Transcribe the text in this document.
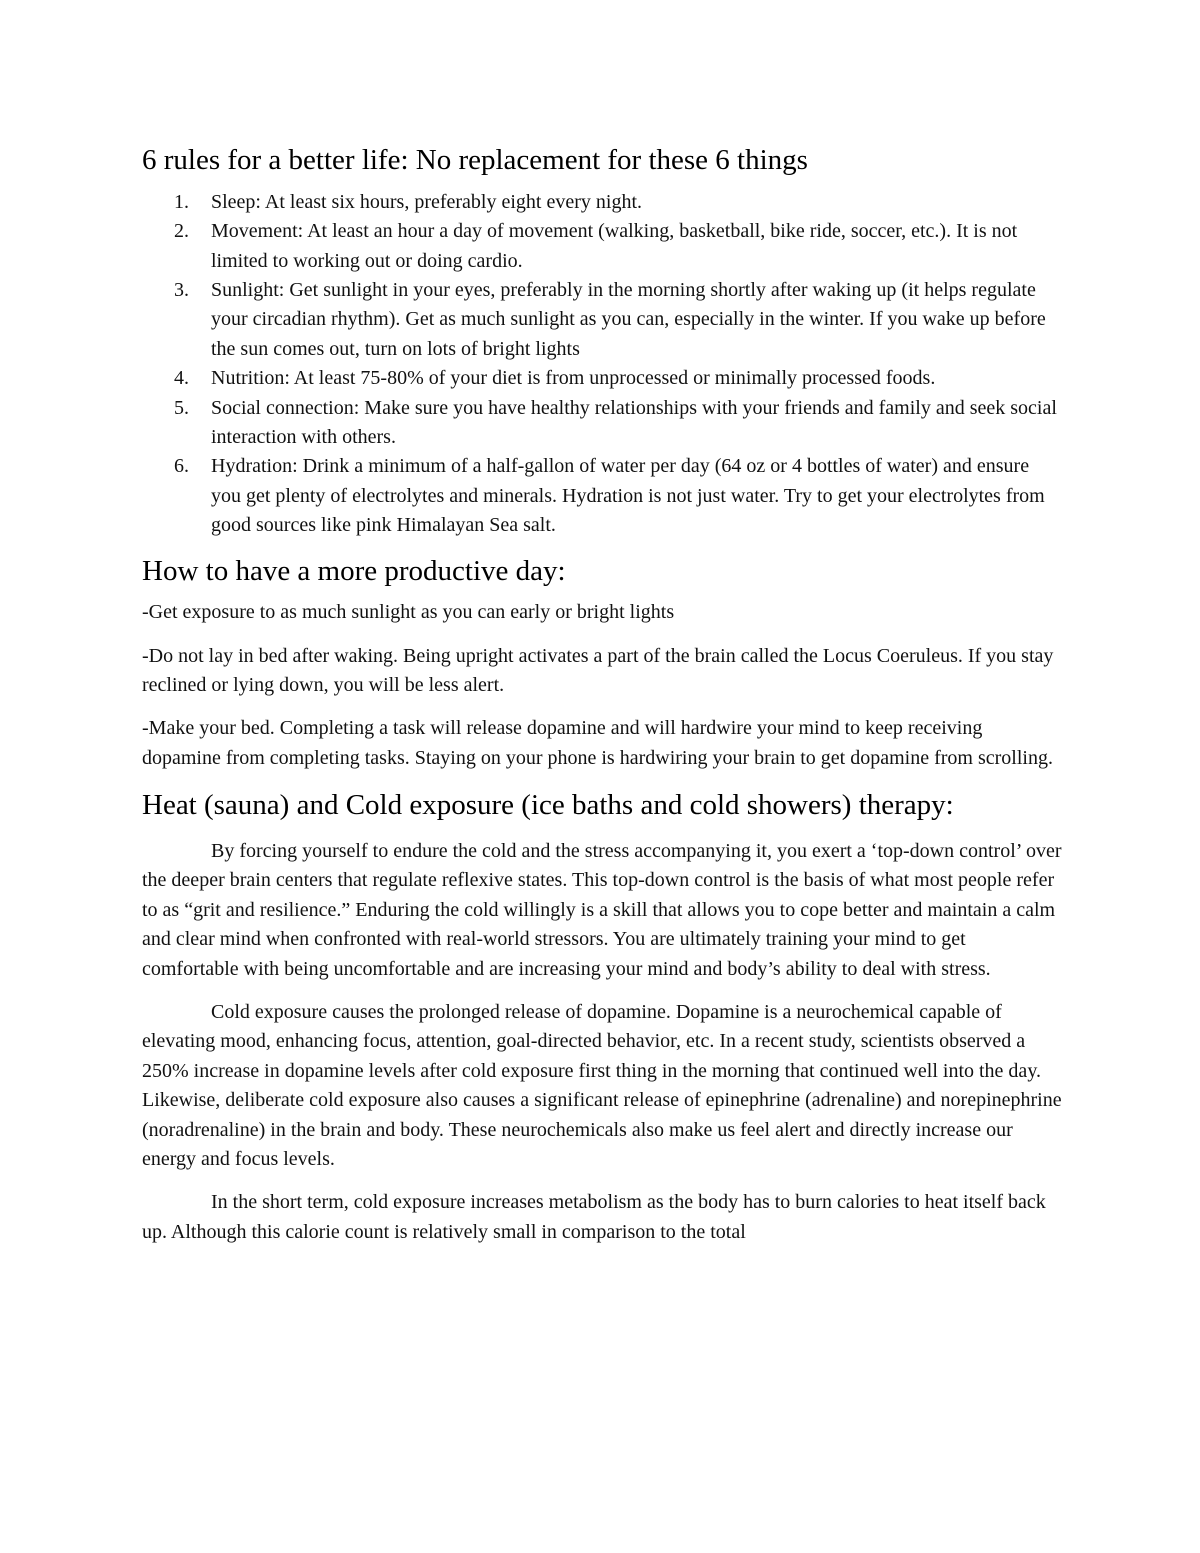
6 rules for a better life: No replacement for these 6 things
1. Sleep: At least six hours, preferably eight every night.
2. Movement: At least an hour a day of movement (walking, basketball, bike ride, soccer, etc.). It is not limited to working out or doing cardio.
3. Sunlight: Get sunlight in your eyes, preferably in the morning shortly after waking up (it helps regulate your circadian rhythm). Get as much sunlight as you can, especially in the winter. If you wake up before the sun comes out, turn on lots of bright lights
4. Nutrition: At least 75-80% of your diet is from unprocessed or minimally processed foods.
5. Social connection: Make sure you have healthy relationships with your friends and family and seek social interaction with others.
6. Hydration: Drink a minimum of a half-gallon of water per day (64 oz or 4 bottles of water) and ensure you get plenty of electrolytes and minerals. Hydration is not just water. Try to get your electrolytes from good sources like pink Himalayan Sea salt.
How to have a more productive day:

-Get exposure to as much sunlight as you can early or bright lights

-Do not lay in bed after waking. Being upright activates a part of the brain called the Locus Coeruleus. If you stay reclined or lying down, you will be less alert.

-Make your bed. Completing a task will release dopamine and will hardwire your mind to keep receiving dopamine from completing tasks. Staying on your phone is hardwiring your brain to get dopamine from scrolling.

Heat (sauna) and Cold exposure (ice baths and cold showers) therapy:

By forcing yourself to endure the cold and the stress accompanying it, you exert a ‘top-down control’ over the deeper brain centers that regulate reflexive states. This top-down control is the basis of what most people refer to as “grit and resilience.” Enduring the cold willingly is a skill that allows you to cope better and maintain a calm and clear mind when confronted with real-world stressors. You are ultimately training your mind to get comfortable with being uncomfortable and are increasing your mind and body’s ability to deal with stress.

Cold exposure causes the prolonged release of dopamine. Dopamine is a neurochemical capable of elevating mood, enhancing focus, attention, goal-directed behavior, etc. In a recent study, scientists observed a 250% increase in dopamine levels after cold exposure first thing in the morning that continued well into the day. Likewise, deliberate cold exposure also causes a significant release of epinephrine (adrenaline) and norepinephrine (noradrenaline) in the brain and body. These neurochemicals also make us feel alert and directly increase our energy and focus levels.

In the short term, cold exposure increases metabolism as the body has to burn calories to heat itself back up. Although this calorie count is relatively small in comparison to the total
